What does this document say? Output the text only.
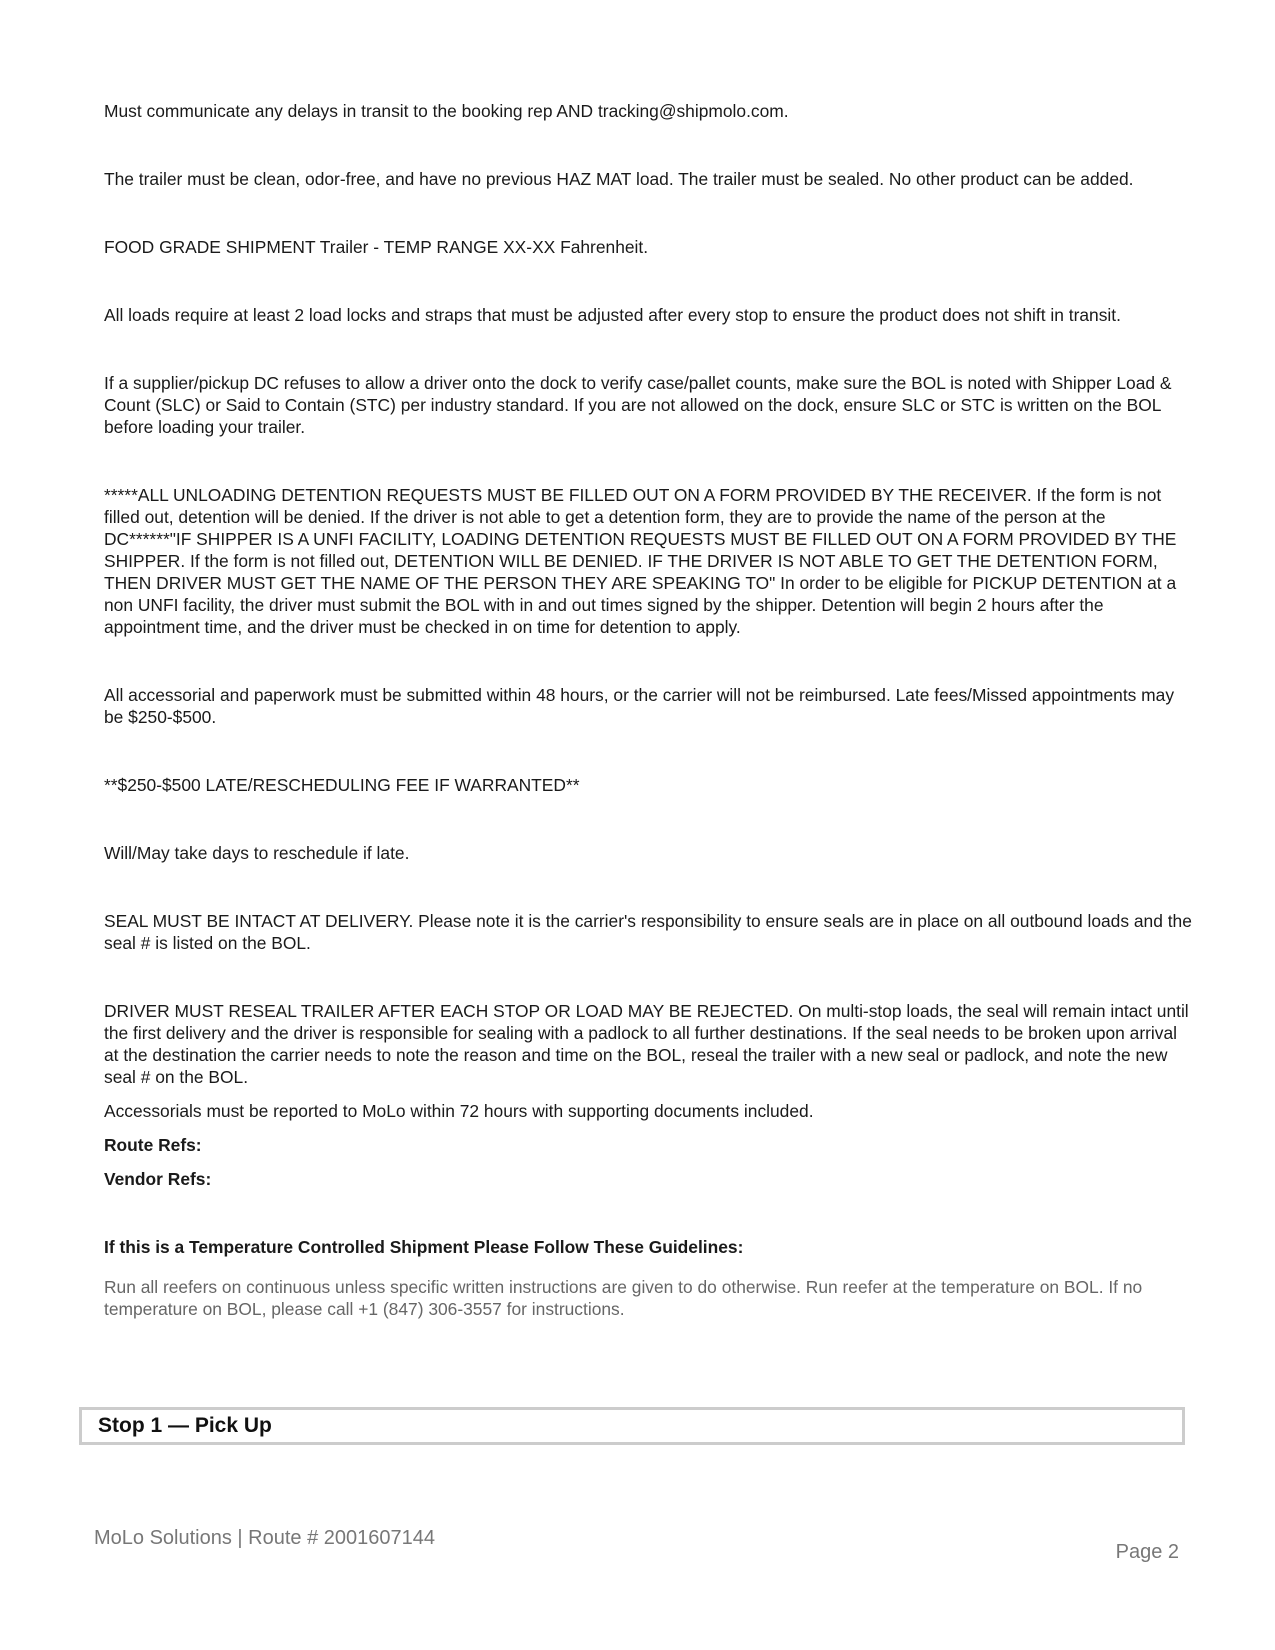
Must communicate any delays in transit to the booking rep AND tracking@shipmolo.com.

The trailer must be clean, odor-free, and have no previous HAZ MAT load. The trailer must be sealed. No other product can be added.

FOOD GRADE SHIPMENT Trailer - TEMP RANGE XX-XX Fahrenheit.

All loads require at least 2 load locks and straps that must be adjusted after every stop to ensure the product does not shift in transit.

If a supplier/pickup DC refuses to allow a driver onto the dock to verify case/pallet counts, make sure the BOL is noted with Shipper Load & Count (SLC) or Said to Contain (STC) per industry standard. If you are not allowed on the dock, ensure SLC or STC is written on the BOL before loading your trailer.

*****ALL UNLOADING DETENTION REQUESTS MUST BE FILLED OUT ON A FORM PROVIDED BY THE RECEIVER. If the form is not filled out, detention will be denied. If the driver is not able to get a detention form, they are to provide the name of the person at the DC******"IF SHIPPER IS A UNFI FACILITY, LOADING DETENTION REQUESTS MUST BE FILLED OUT ON A FORM PROVIDED BY THE SHIPPER. If the form is not filled out, DETENTION WILL BE DENIED. IF THE DRIVER IS NOT ABLE TO GET THE DETENTION FORM, THEN DRIVER MUST GET THE NAME OF THE PERSON THEY ARE SPEAKING TO" In order to be eligible for PICKUP DETENTION at a non UNFI facility, the driver must submit the BOL with in and out times signed by the shipper. Detention will begin 2 hours after the appointment time, and the driver must be checked in on time for detention to apply.

All accessorial and paperwork must be submitted within 48 hours, or the carrier will not be reimbursed. Late fees/Missed appointments may be $250-$500.

**$250-$500 LATE/RESCHEDULING FEE IF WARRANTED**

Will/May take days to reschedule if late.

SEAL MUST BE INTACT AT DELIVERY. Please note it is the carrier's responsibility to ensure seals are in place on all outbound loads and the seal # is listed on the BOL.

DRIVER MUST RESEAL TRAILER AFTER EACH STOP OR LOAD MAY BE REJECTED. On multi-stop loads, the seal will remain intact until the first delivery and the driver is responsible for sealing with a padlock to all further destinations. If the seal needs to be broken upon arrival at the destination the carrier needs to note the reason and time on the BOL, reseal the trailer with a new seal or padlock, and note the new seal # on the BOL.

Accessorials must be reported to MoLo within 72 hours with supporting documents included.

Route Refs:

Vendor Refs:

If this is a Temperature Controlled Shipment Please Follow These Guidelines:

Run all reefers on continuous unless specific written instructions are given to do otherwise. Run reefer at the temperature on BOL. If no temperature on BOL, please call +1 (847) 306-3557 for instructions.

Stop 1 — Pick Up
MoLo Solutions | Route # 2001607144
Page 2
